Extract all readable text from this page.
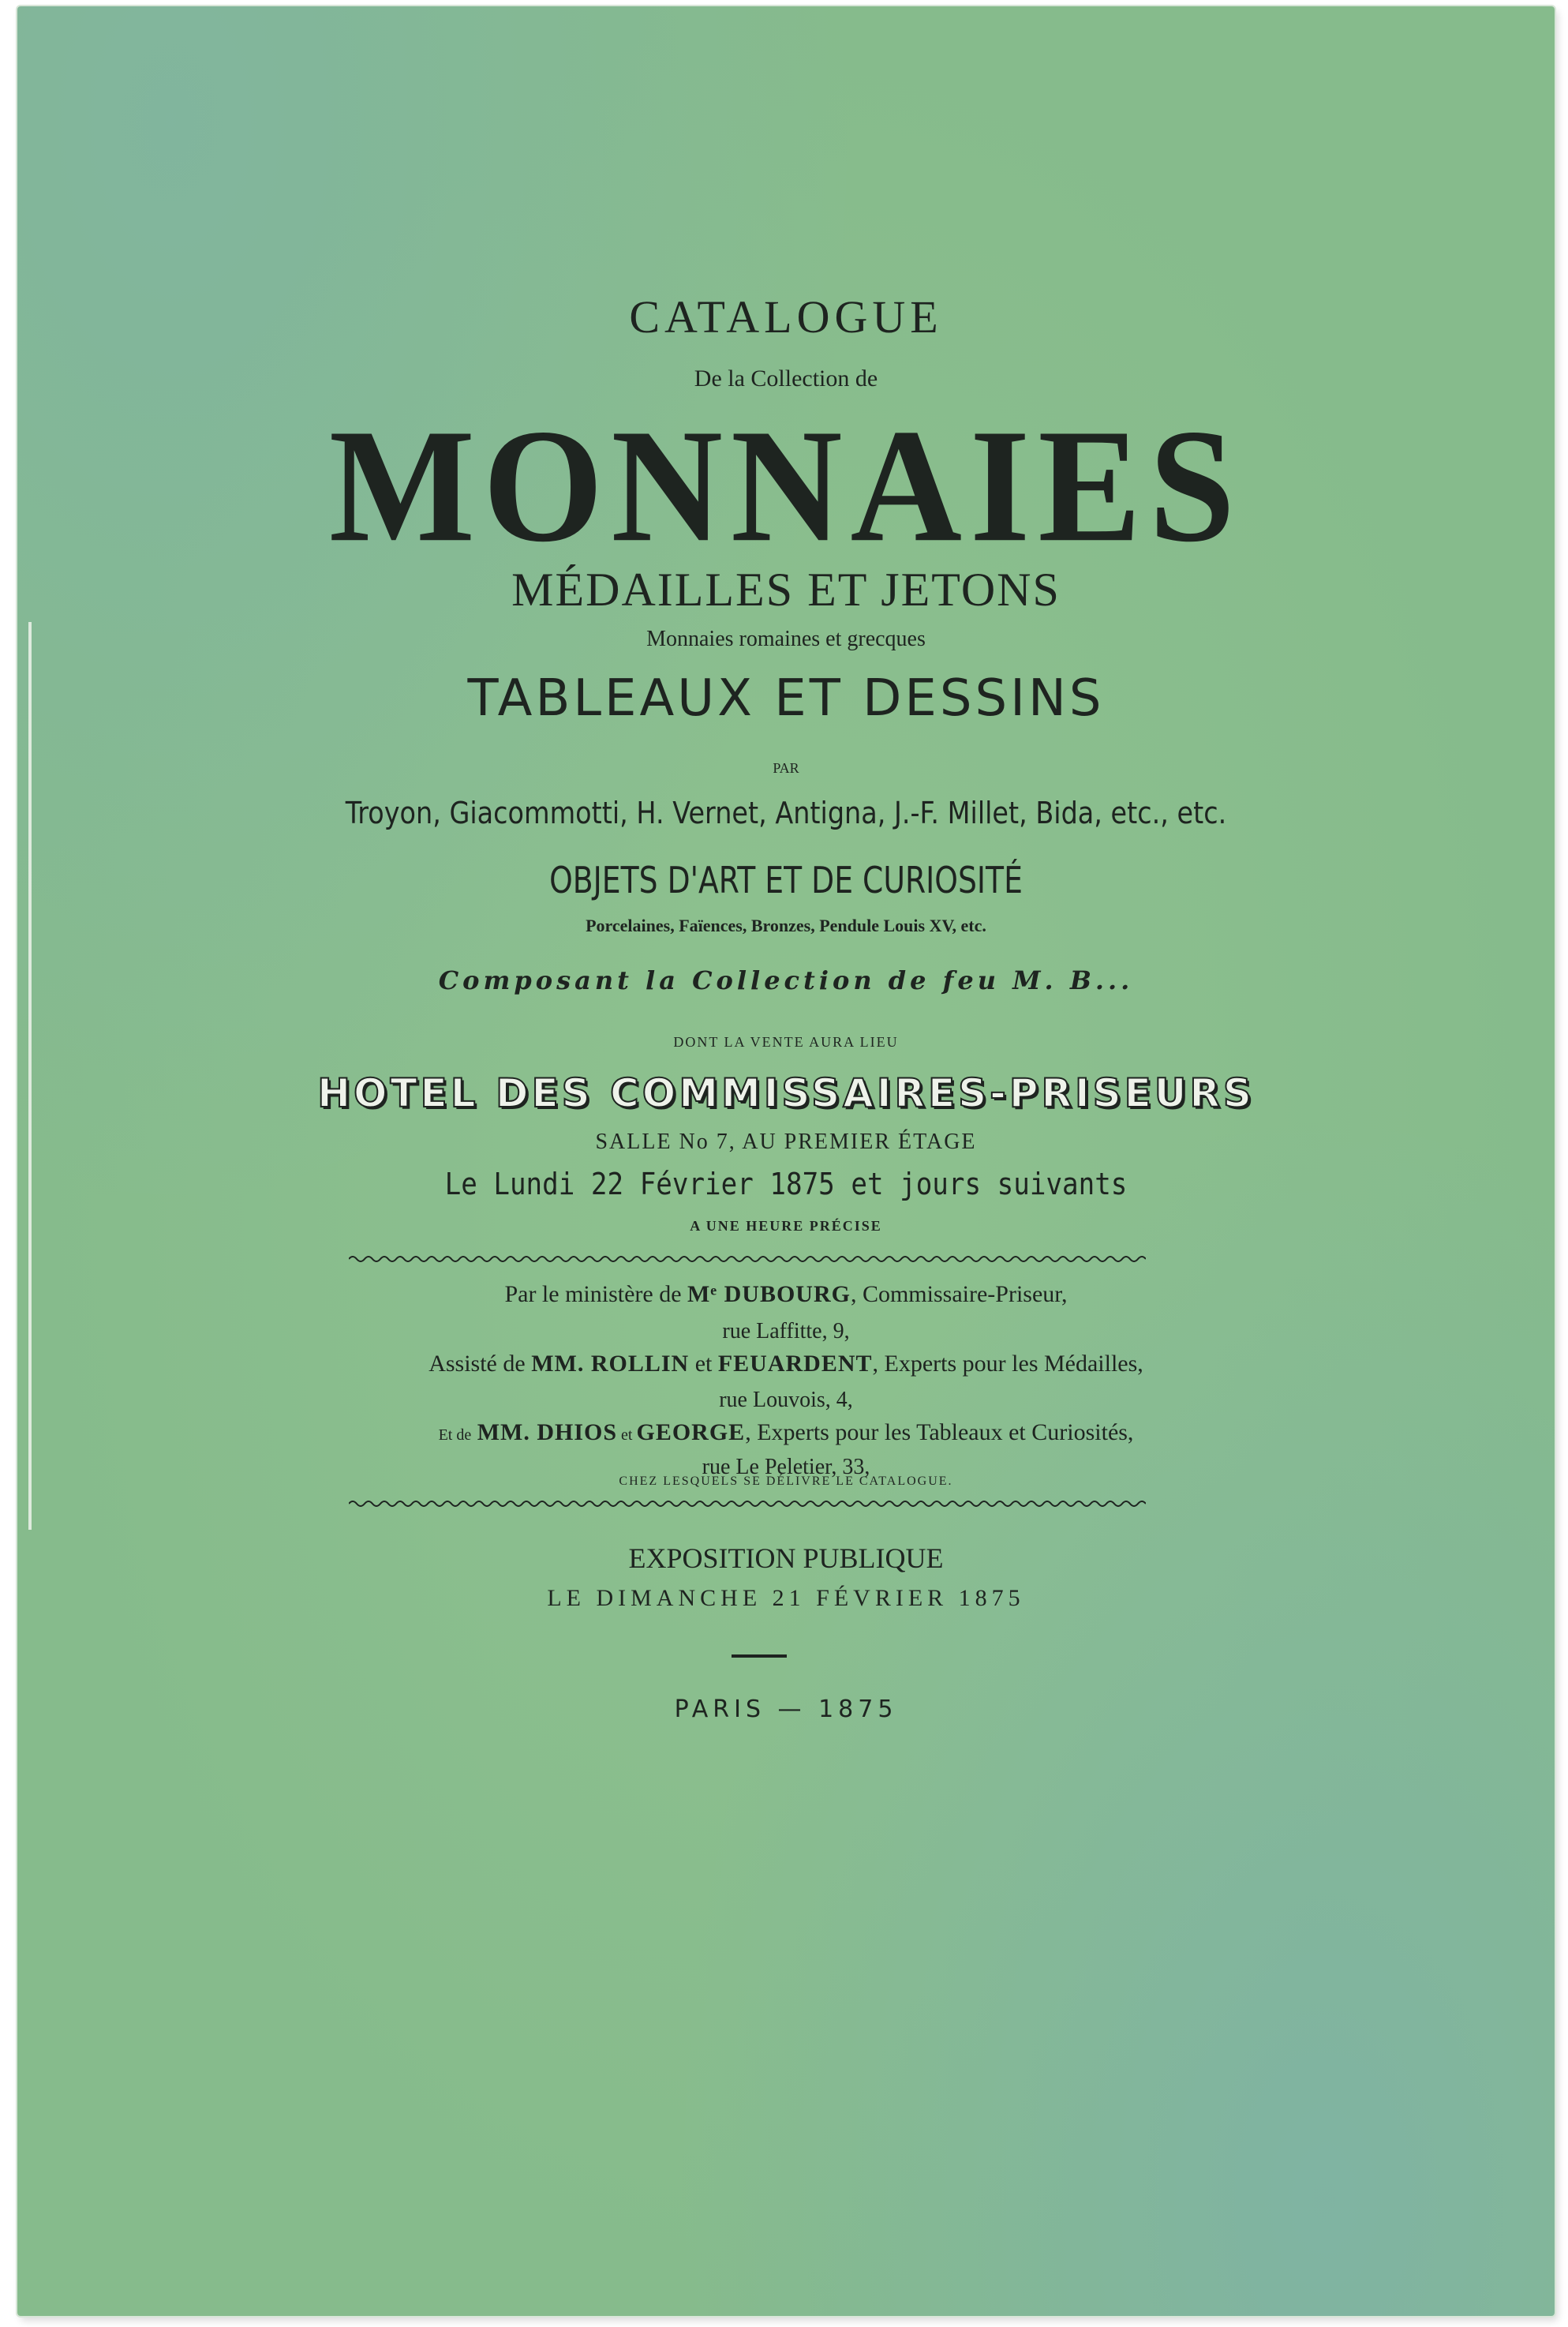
CATALOGUE
De la Collection de
MONNAIES
MÉDAILLES ET JETONS
Monnaies romaines et grecques
TABLEAUX ET DESSINS
PAR
Troyon, Giacommotti, H. Vernet, Antigna, J.-F. Millet, Bida, etc., etc.
OBJETS D'ART ET DE CURIOSITÉ
Porcelaines, Faïences, Bronzes, Pendule Louis XV, etc.
Composant la Collection de feu M. B...
DONT LA VENTE AURA LIEU
HOTEL DES COMMISSAIRES-PRISEURS
SALLE No 7, AU PREMIER ÉTAGE
Le Lundi 22 Février 1875 et jours suivants
A UNE HEURE PRÉCISE
Par le ministère de Mᵉ DUBOURG, Commissaire-Priseur,
rue Laffitte, 9,
Assisté de MM. ROLLIN et FEUARDENT, Experts pour les Médailles,
rue Louvois, 4,
Et de MM. DHIOS et GEORGE, Experts pour les Tableaux et Curiosités,
rue Le Peletier, 33,
CHEZ LESQUELS SE DÉLIVRE LE CATALOGUE.
EXPOSITION PUBLIQUE
LE DIMANCHE 21 FÉVRIER 1875
PARIS — 1875
